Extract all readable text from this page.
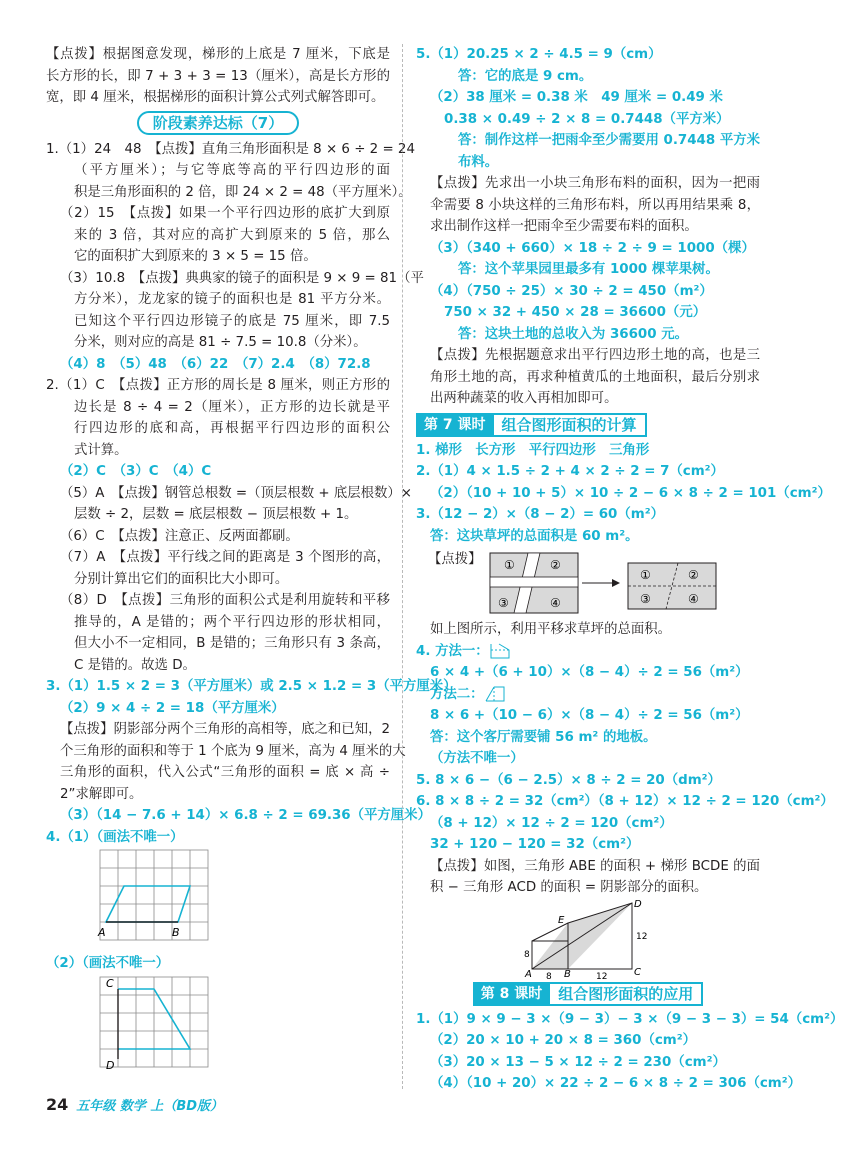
【点拨】根据图意发现，梯形的上底是 7 厘米，下底是
长方形的长，即 7 + 3 + 3 = 13（厘米），高是长方形的
宽，即 4 厘米，根据梯形的面积计算公式列式解答即可。
阶段素养达标（7）
1.（1）24　48　【点拨】直角三角形面积是 8 × 6 ÷ 2 = 24
（平方厘米）；与它等底等高的平行四边形的面
积是三角形面积的 2 倍，即 24 × 2 = 48（平方厘米）。
（2）15　【点拨】如果一个平行四边形的底扩大到原
来的 3 倍，其对应的高扩大到原来的 5 倍，那么
它的面积扩大到原来的 3 × 5 = 15 倍。
（3）10.8　【点拨】典典家的镜子的面积是 9 × 9 = 81（平
方分米），龙龙家的镜子的面积也是 81 平方分米。
已知这个平行四边形镜子的底是 75 厘米，即 7.5
分米，则对应的高是 81 ÷ 7.5 = 10.8（分米）。
（4）8　（5）48　（6）22　（7）2.4　（8）72.8
2.（1）C　【点拨】正方形的周长是 8 厘米，则正方形的
边长是 8 ÷ 4 = 2（厘米），正方形的边长就是平
行四边形的底和高，再根据平行四边形的面积公
式计算。
（2）C　（3）C　（4）C
（5）A　【点拨】钢管总根数 =（顶层根数 + 底层根数）×
层数 ÷ 2，层数 = 底层根数 − 顶层根数 + 1。
（6）C　【点拨】注意正、反两面都刷。
（7）A　【点拨】平行线之间的距离是 3 个图形的高，
分别计算出它们的面积比大小即可。
（8）D　【点拨】三角形的面积公式是利用旋转和平移
推导的，A 是错的；两个平行四边形的形状相同，
但大小不一定相同，B 是错的；三角形只有 3 条高，
C 是错的。故选 D。
3.（1）1.5 × 2 = 3（平方厘米）或 2.5 × 1.2 = 3（平方厘米）
（2）9 × 4 ÷ 2 = 18（平方厘米）
【点拨】阴影部分两个三角形的高相等，底之和已知，2
个三角形的面积和等于 1 个底为 9 厘米，高为 4 厘米的大
三角形的面积，代入公式“三角形的面积 = 底 × 高 ÷
2”求解即可。
（3）（14 − 7.6 + 14）× 6.8 ÷ 2 = 69.36（平方厘米）
4.（1）（画法不唯一）
A	B
（2）（画法不唯一）
C
D
5.（1）20.25 × 2 ÷ 4.5 = 9（cm）
答：它的底是 9 cm。
（2）38 厘米 = 0.38 米　49 厘米 = 0.49 米
0.38 × 0.49 ÷ 2 × 8 = 0.7448（平方米）
答：制作这样一把雨伞至少需要用 0.7448 平方米
布料。
【点拨】先求出一小块三角形布料的面积，因为一把雨
伞需要 8 小块这样的三角形布料，所以再用结果乘 8，
求出制作这样一把雨伞至少需要布料的面积。
（3）（340 + 660）× 18 ÷ 2 ÷ 9 = 1000（棵）
答：这个苹果园里最多有 1000 棵苹果树。
（4）（750 ÷ 25）× 30 ÷ 2 = 450（m²）
750 × 32 + 450 × 28 = 36600（元）
答：这块土地的总收入为 36600 元。
【点拨】先根据题意求出平行四边形土地的高，也是三
角形土地的高，再求种植黄瓜的土地面积，最后分别求
出两种蔬菜的收入再相加即可。
第 7 课时	组合图形面积的计算
1. 梯形　长方形　平行四边形　三角形
2.（1）4 × 1.5 ÷ 2 + 4 × 2 ÷ 2 = 7（cm²）
（2）（10 + 10 + 5）× 10 ÷ 2 − 6 × 8 ÷ 2 = 101（cm²）
3.（12 − 2）×（8 − 2）= 60（m²）
答：这块草坪的总面积是 60 m²。
【点拨】 ①	②
③	④
①	②
③	④
如上图所示，利用平移求草坪的总面积。
4. 方法一：
6 × 4 +（6 + 10）×（8 − 4）÷ 2 = 56（m²）
方法二：
8 × 6 +（10 − 6）×（8 − 4）÷ 2 = 56（m²）
答：这个客厅需要铺 56 m² 的地板。
（方法不唯一）
5. 8 × 6 −（6 − 2.5）× 8 ÷ 2 = 20（dm²）
6. 8 × 8 ÷ 2 = 32（cm²）（8 + 12）× 12 ÷ 2 = 120（cm²）
（8 + 12）× 12 ÷ 2 = 120（cm²）
32 + 120 − 120 = 32（cm²）
【点拨】如图，三角形 ABE 的面积 + 梯形 BCDE 的面
积 − 三角形 ACD 的面积 = 阴影部分的面积。
A	B	C
D
E
8
8	12
12
第 8 课时	组合图形面积的应用
1.（1）9 × 9 − 3 ×（9 − 3）− 3 ×（9 − 3 − 3）= 54（cm²）
（2）20 × 10 + 20 × 8 = 360（cm²）
（3）20 × 13 − 5 × 12 ÷ 2 = 230（cm²）
（4）（10 + 20）× 22 ÷ 2 − 6 × 8 ÷ 2 = 306（cm²）
24 五年级 数学 上（BD版）
